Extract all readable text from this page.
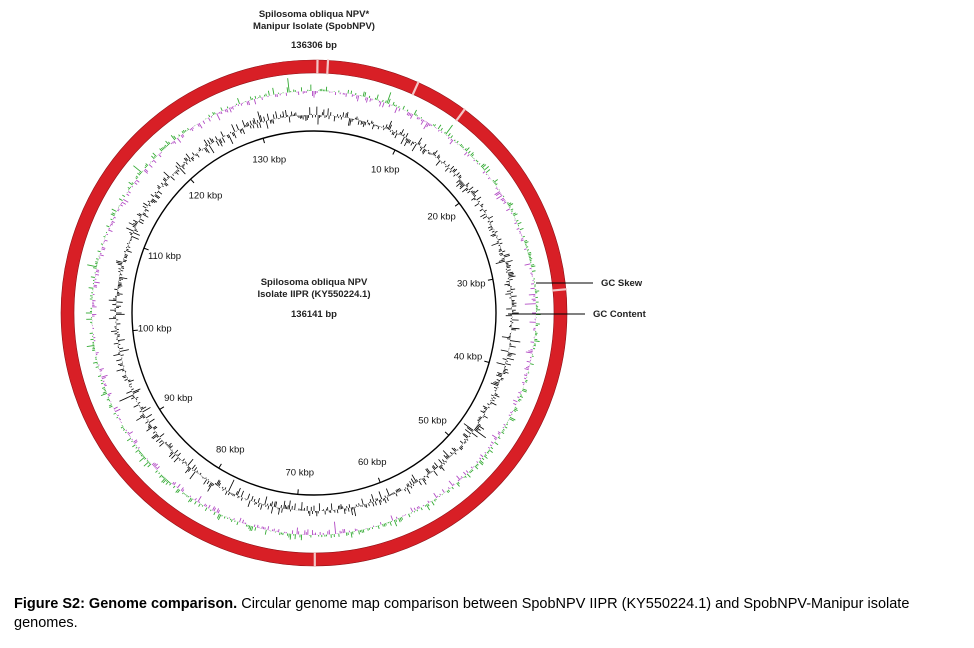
10 kbp
20 kbp
30 kbp
40 kbp
50 kbp
60 kbp
70 kbp
80 kbp
90 kbp
100 kbp
110 kbp
120 kbp
130 kbp
Spilosoma obliqua NPV*
Manipur Isolate (SpobNPV)
136306 bp
Spilosoma obliqua NPV
Isolate IIPR (KY550224.1)
136141 bp
GC Skew
GC Content
Figure S2: Genome comparison. Circular genome map comparison between SpobNPV IIPR (KY550224.1) and SpobNPV-Manipur isolate genomes.
